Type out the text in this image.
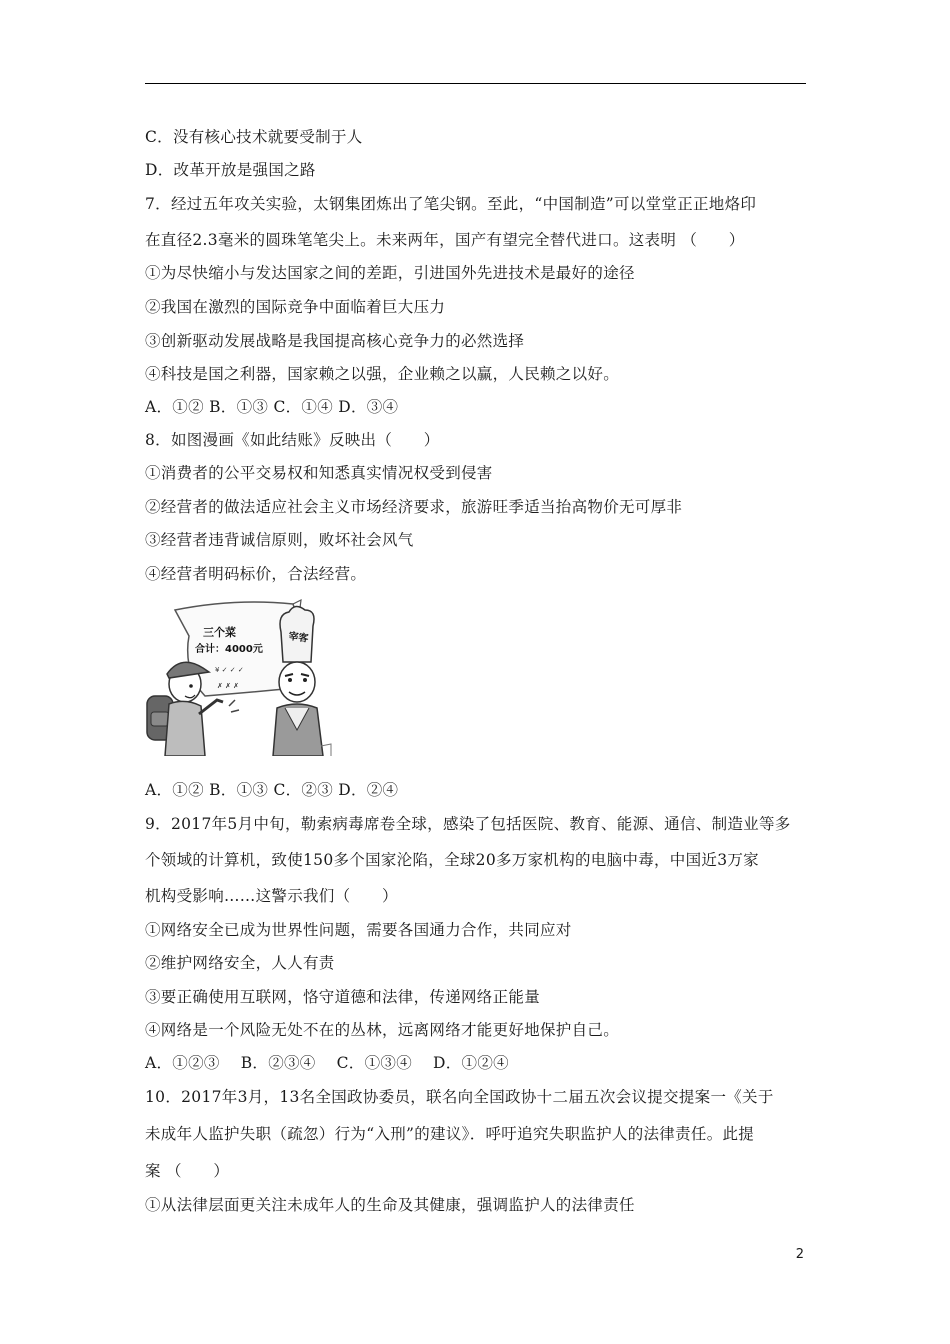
C．没有核心技术就要受制于人
D．改革开放是强国之路
7．经过五年攻关实验，太钢集团炼出了笔尖钢。至此，“中国制造”可以堂堂正正地烙印
在直径2.3毫米的圆珠笔笔尖上。未来两年，国产有望完全替代进口。这表明 （　　）
①为尽快缩小与发达国家之间的差距，引进国外先进技术是最好的途径
②我国在激烈的国际竞争中面临着巨大压力
③创新驱动发展战略是我国提高核心竞争力的必然选择
④科技是国之利器，国家赖之以强，企业赖之以赢，人民赖之以好。
A．①② B．①③ C．①④ D．③④
8．如图漫画《如此结账》反映出（　　）
①消费者的公平交易权和知悉真实情况权受到侵害
②经营者的做法适应社会主义市场经济要求，旅游旺季适当抬高物价无可厚非
③经营者违背诚信原则，败坏社会风气
④经营者明码标价，合法经营。
三个菜
合计：4000元
¥ ✓ ✓ ✓
✗ ✗ ✗
宰客
A．①② B．①③ C．②③ D．②④
9．2017年5月中旬，勒索病毒席卷全球，感染了包括医院、教育、能源、通信、制造业等多
个领域的计算机，致使150多个国家沦陷，全球20多万家机构的电脑中毒，中国近3万家
机构受影响……这警示我们（　　）
①网络安全已成为世界性问题，需要各国通力合作，共同应对
②维护网络安全，人人有责
③要正确使用互联网，恪守道德和法律，传递网络正能量
④网络是一个风险无处不在的丛林，远离网络才能更好地保护自己。
A．①②③　 B．②③④　 C．①③④　 D．①②④
10．2017年3月，13名全国政协委员，联名向全国政协十二届五次会议提交提案一《关于
未成年人监护失职（疏忽）行为“入刑”的建议》．呼吁追究失职监护人的法律责任。此提
案 （　　）
①从法律层面更关注未成年人的生命及其健康，强调监护人的法律责任
2
